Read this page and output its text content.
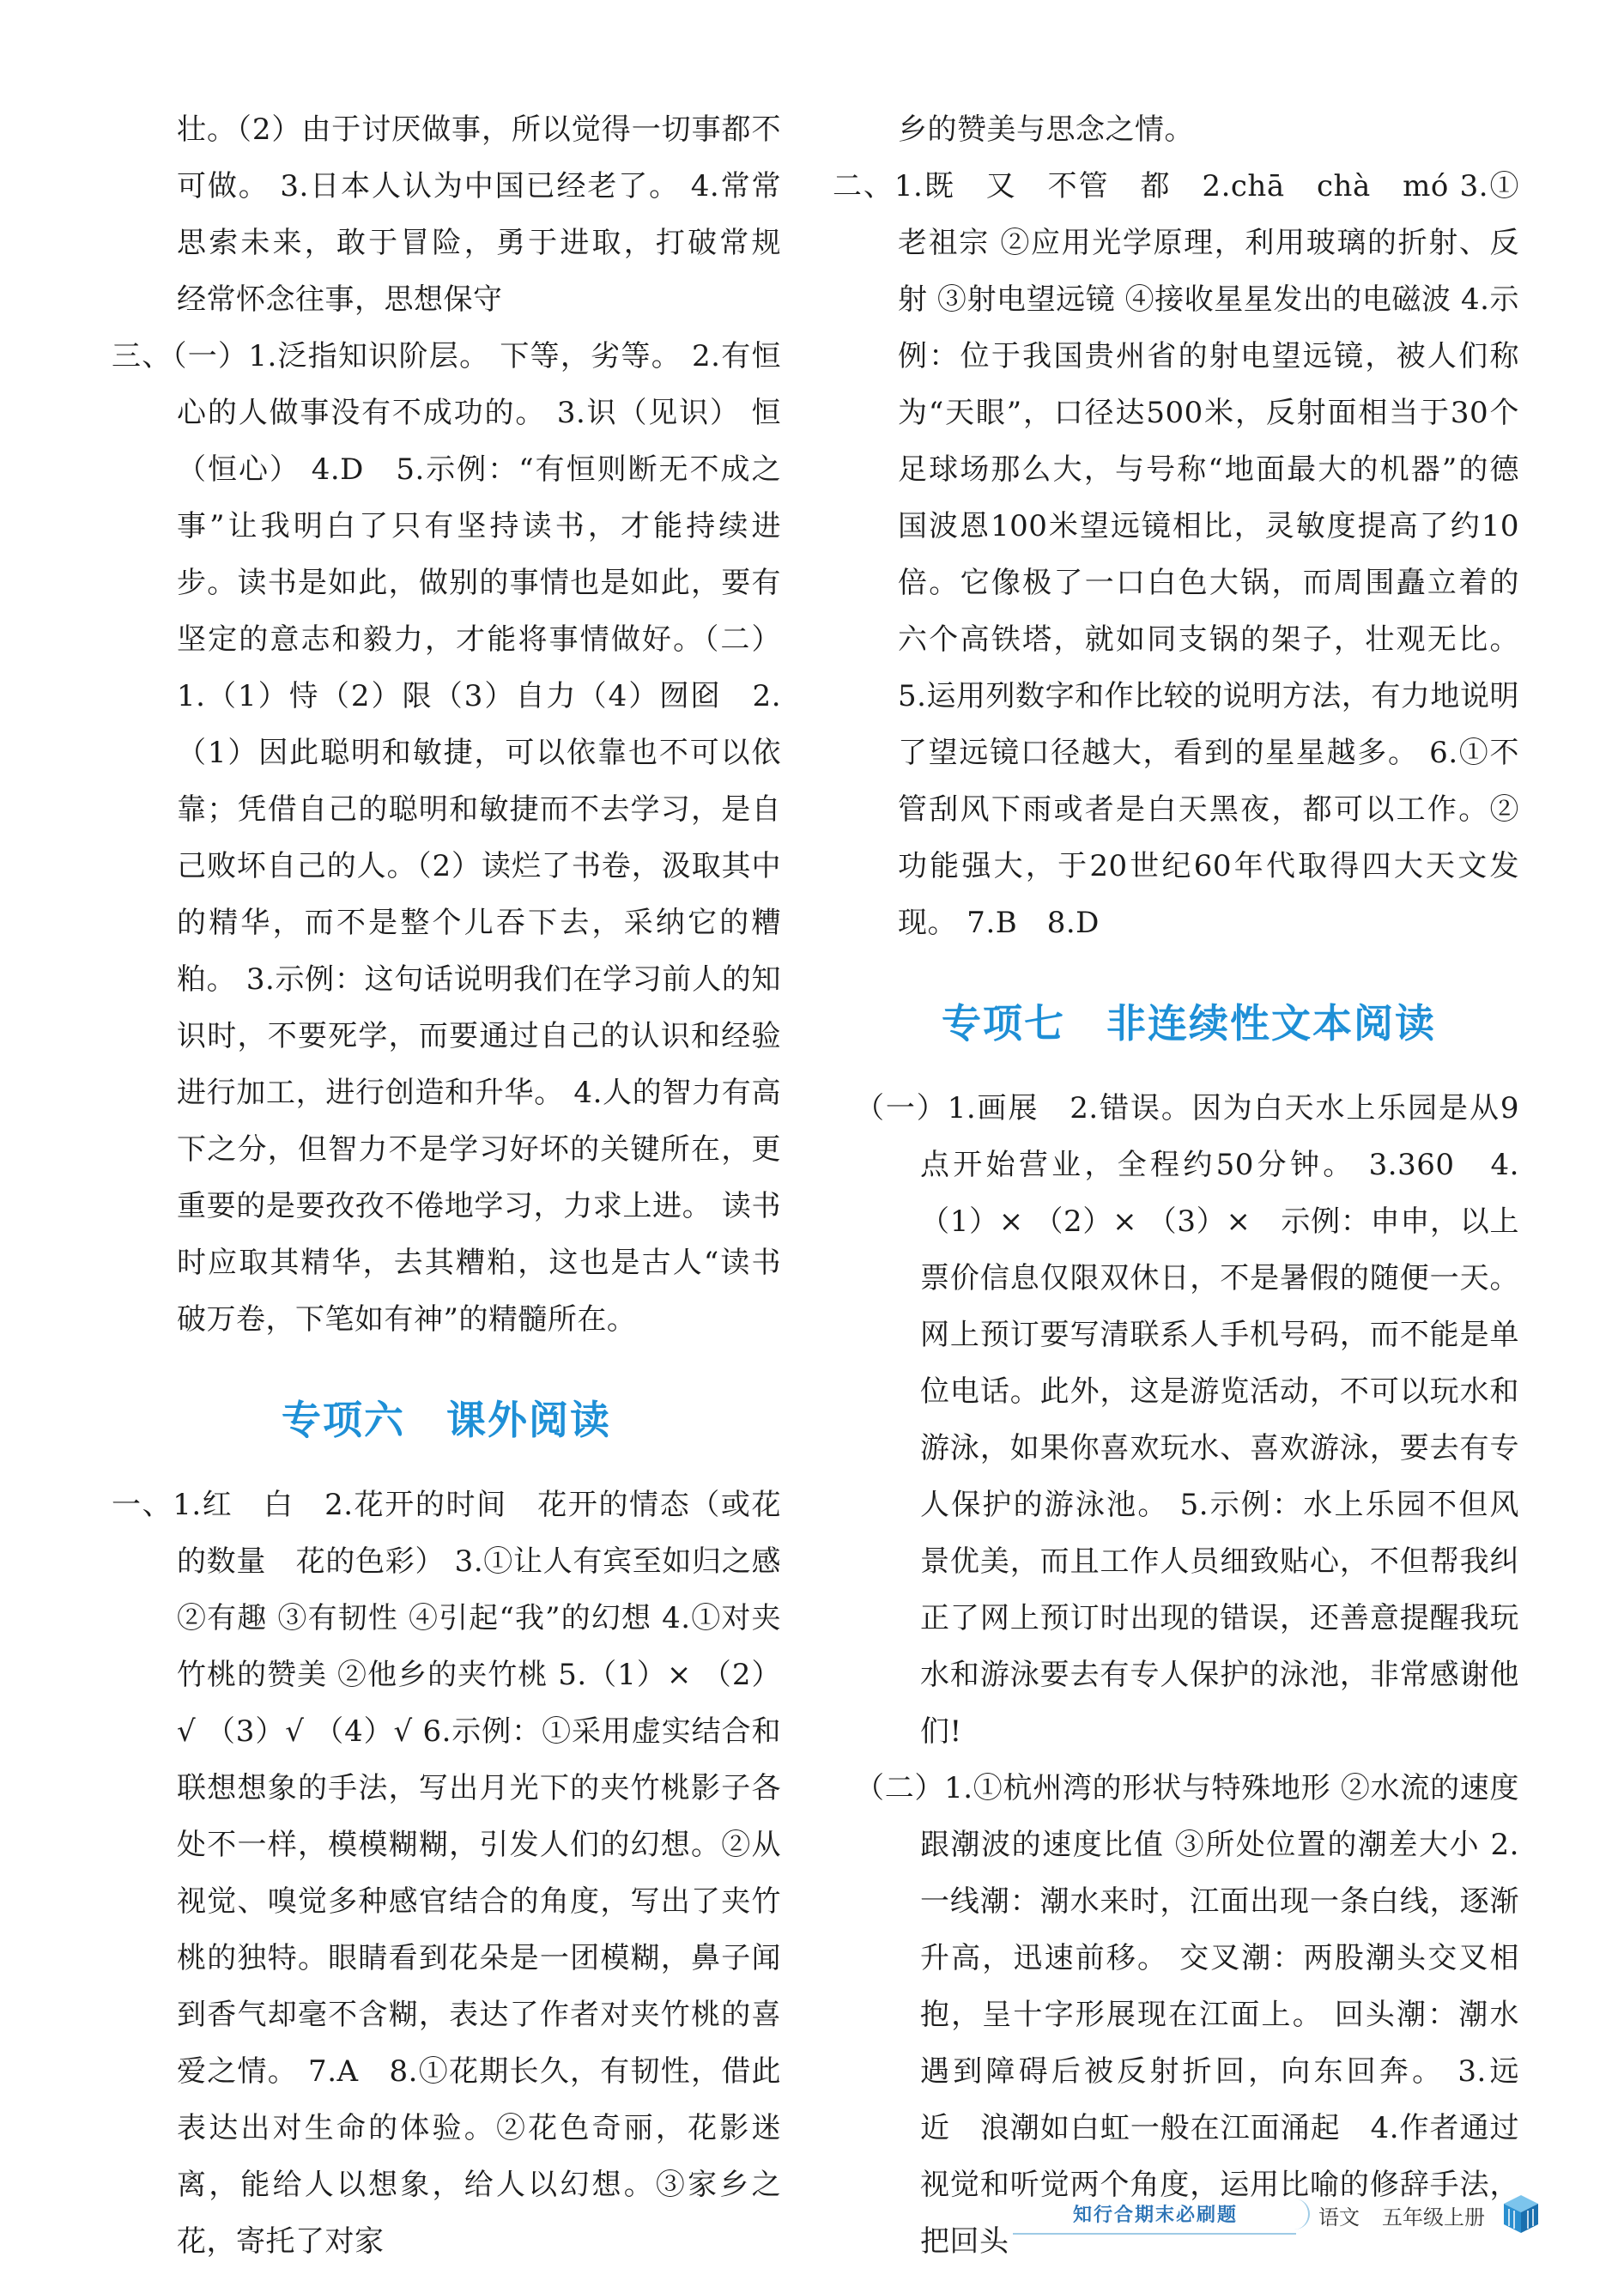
壮。（2）由于讨厌做事，所以觉得一切事都不可做。 3.日本人认为中国已经老了。 4.常常思索未来，敢于冒险，勇于进取，打破常规　经常怀念往事，思想保守

三、（一）1.泛指知识阶层。 下等，劣等。 2.有恒心的人做事没有不成功的。 3.识（见识） 恒（恒心） 4.D　5.示例：“有恒则断无不成之事”让我明白了只有坚持读书，才能持续进步。读书是如此，做别的事情也是如此，要有坚定的意志和毅力，才能将事情做好。（二）1.（1）恃（2）限（3）自力（4）囫囵　2.（1）因此聪明和敏捷，可以依靠也不可以依靠；凭借自己的聪明和敏捷而不去学习，是自己败坏自己的人。（2）读烂了书卷，汲取其中的精华，而不是整个儿吞下去，采纳它的糟粕。 3.示例：这句话说明我们在学习前人的知识时，不要死学，而要通过自己的认识和经验进行加工，进行创造和升华。 4.人的智力有高下之分，但智力不是学习好坏的关键所在，更重要的是要孜孜不倦地学习，力求上进。 读书时应取其精华，去其糟粕，这也是古人“读书破万卷，下笔如有神”的精髓所在。

专项六 课外阅读

一、1.红　白　2.花开的时间　花开的情态（或花的数量　花的色彩） 3.①让人有宾至如归之感 ②有趣 ③有韧性 ④引起“我”的幻想 4.①对夹竹桃的赞美 ②他乡的夹竹桃 5.（1）× （2）√ （3）√ （4）√ 6.示例：①采用虚实结合和联想想象的手法，写出月光下的夹竹桃影子各处不一样，模模糊糊，引发人们的幻想。②从视觉、嗅觉多种感官结合的角度，写出了夹竹桃的独特。眼睛看到花朵是一团模糊，鼻子闻到香气却毫不含糊，表达了作者对夹竹桃的喜爱之情。 7.A　8.①花期长久，有韧性，借此表达出对生命的体验。②花色奇丽，花影迷离，能给人以想象，给人以幻想。③家乡之花，寄托了对家

乡的赞美与思念之情。

二、1.既　又　不管　都　2.chā　chà　mó 3.①老祖宗 ②应用光学原理，利用玻璃的折射、反射 ③射电望远镜 ④接收星星发出的电磁波 4.示例：位于我国贵州省的射电望远镜，被人们称为“天眼”，口径达500米，反射面相当于30个足球场那么大，与号称“地面最大的机器”的德国波恩100米望远镜相比，灵敏度提高了约10倍。它像极了一口白色大锅，而周围矗立着的六个高铁塔，就如同支锅的架子，壮观无比。 5.运用列数字和作比较的说明方法，有力地说明了望远镜口径越大，看到的星星越多。 6.①不管刮风下雨或者是白天黑夜，都可以工作。②功能强大，于20世纪60年代取得四大天文发现。 7.B　8.D

专项七 非连续性文本阅读

（一）1.画展　2.错误。因为白天水上乐园是从9点开始营业，全程约50分钟。 3.360　4.（1）× （2）× （3）×　示例：申申，以上票价信息仅限双休日，不是暑假的随便一天。网上预订要写清联系人手机号码，而不能是单位电话。此外，这是游览活动，不可以玩水和游泳，如果你喜欢玩水、喜欢游泳，要去有专人保护的游泳池。 5.示例：水上乐园不但风景优美，而且工作人员细致贴心，不但帮我纠正了网上预订时出现的错误，还善意提醒我玩水和游泳要去有专人保护的泳池，非常感谢他们!

（二）1.①杭州湾的形状与特殊地形 ②水流的速度跟潮波的速度比值 ③所处位置的潮差大小 2.一线潮：潮水来时，江面出现一条白线，逐渐升高，迅速前移。 交叉潮：两股潮头交叉相抱，呈十字形展现在江面上。 回头潮：潮水遇到障碍后被反射折回，向东回奔。 3.远　近　浪潮如白虹一般在江面涌起　4.作者通过视觉和听觉两个角度，运用比喻的修辞手法，把回头

知行合期末必刷题	语文 五年级上册
